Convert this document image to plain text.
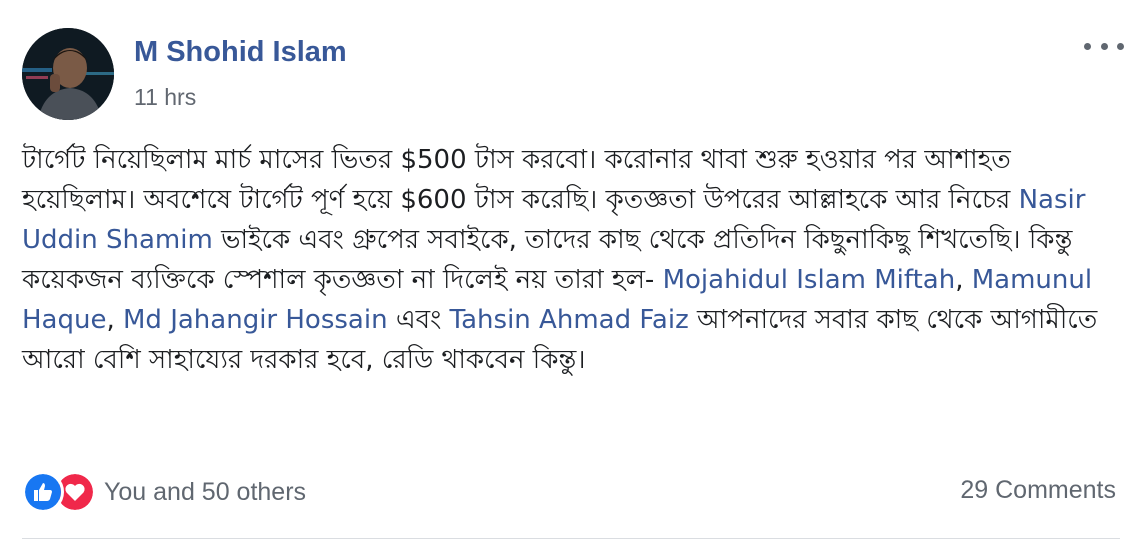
M Shohid Islam
11 hrs
টার্গেট নিয়েছিলাম মার্চ মাসের ভিতর $500 টাস করবো। করোনার থাবা শুরু হওয়ার পর আশাহত হয়েছিলাম। অবশেষে টার্গেট পূর্ণ হয়ে $600 টাস করেছি। কৃতজ্ঞতা উপরের আল্লাহকে আর নিচের Nasir Uddin Shamim ভাইকে এবং গ্রুপের সবাইকে, তাদের কাছ থেকে প্রতিদিন কিছুনাকিছু শিখতেছি। কিন্তু কয়েকজন ব্যক্তিকে স্পেশাল কৃতজ্ঞতা না দিলেই নয় তারা হল- Mojahidul Islam Miftah, Mamunul Haque, Md Jahangir Hossain এবং Tahsin Ahmad Faiz আপনাদের সবার কাছ থেকে আগামীতে আরো বেশি সাহায্যের দরকার হবে, রেডি থাকবেন কিন্তু।
You and 50 others	29 Comments
